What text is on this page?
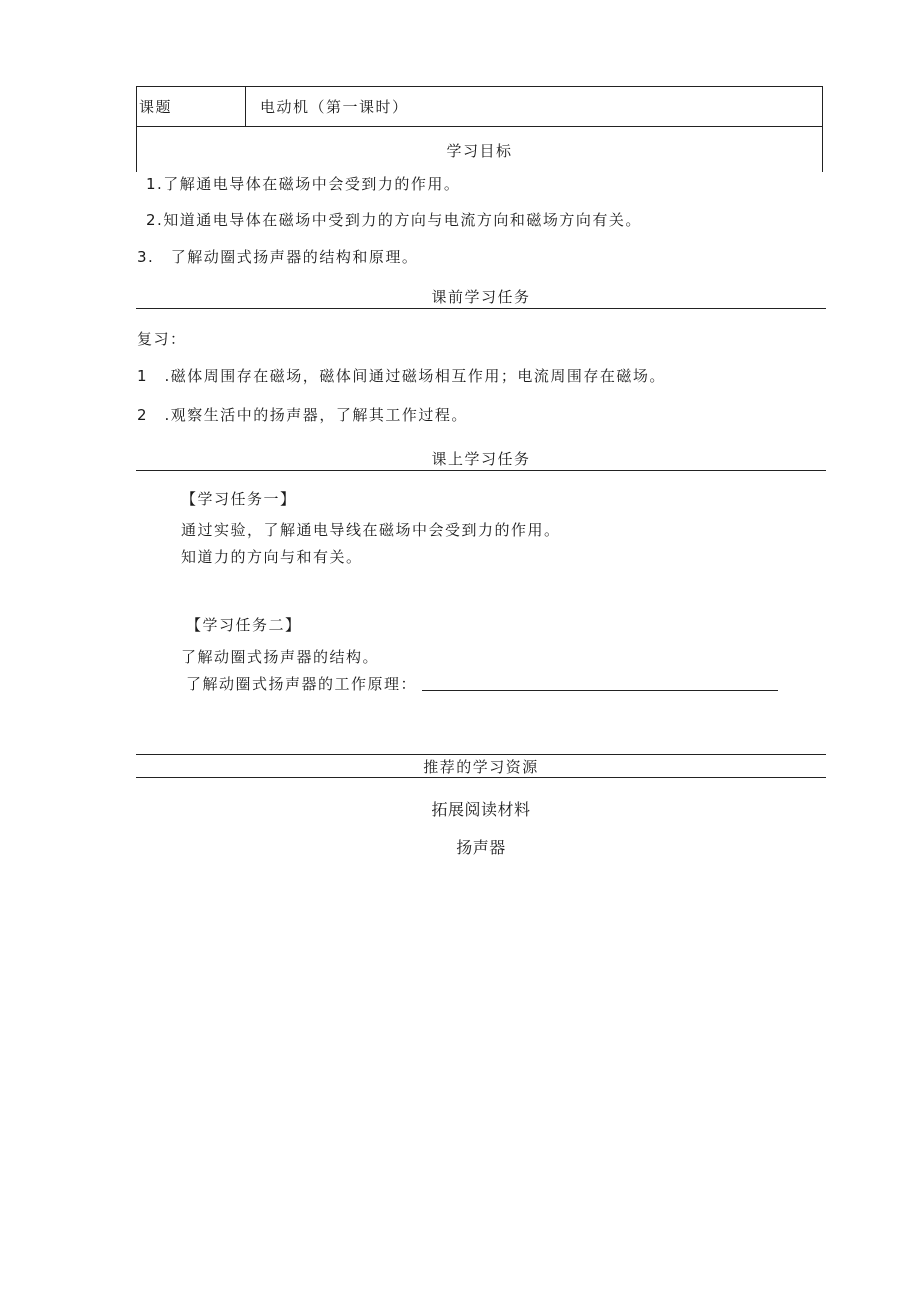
课题	电动机（第一课时）
学习目标
1.了解通电导体在磁场中会受到力的作用。
2.知道通电导体在磁场中受到力的方向与电流方向和磁场方向有关。
3.　了解动圈式扬声器的结构和原理。
课前学习任务
复习：
1　.磁体周围存在磁场，磁体间通过磁场相互作用；电流周围存在磁场。
2　.观察生活中的扬声器，了解其工作过程。
课上学习任务
【学习任务一】
通过实验，了解通电导线在磁场中会受到力的作用。
知道力的方向与和有关。
【学习任务二】
了解动圈式扬声器的结构。
了解动圈式扬声器的工作原理：
推荐的学习资源
拓展阅读材料
扬声器
